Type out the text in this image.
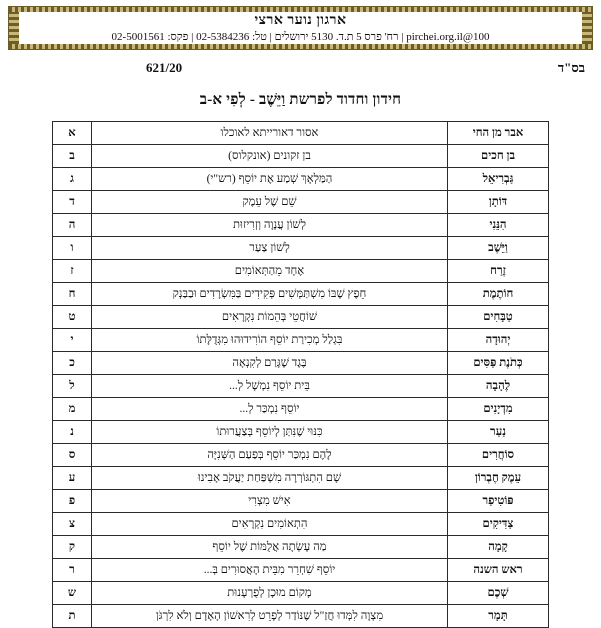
ארגון נוער ארצי
100@pirchei.org.il | רח' פרס 5 ת.ד. 5130 ירושלים | טל: 02-5384236 | פקס: 02-5001561
בס"ד
621/20
חידון וחדוד לפרשת וַיֵּשֶׁב - לְפִי א-ב
אבר מן החי	אסור דאורייתא לאוכלו	א
בן חכים	בן זקונים (אונקלוס)	ב
גַּבְרִיאֵל	הַמַּלְאָךְ שְׁמַע אֶת יוֹסֵף (רש"י)	ג
דּוֹתָן	שֵׁם שֶׁל עֵמֶק	ד
הִנֵּנִי	לְשׁוֹן עֲנָוָה וְזְרִיזוּת	ה
וַיֵּשֶׁב	לְשׁוֹן צַעַר	ו
זֶרַח	אֶחָד מֵהַתְּאוֹמִים	ז
חוֹתֶמֶת	חֵפֶץ שֶׁבּוֹ מִשְׁתַּמְּשִׁים פְּקִידִים בַּמִּשְׂרָדִים וּבַבַּנְק	ח
טַבָּחִים	שׁוֹחֲטֵי בְּהֵמוֹת נִקְרָאִים	ט
יְהוּדָה	בִּגְלַל מְכִירַת יוֹסֵף הוֹרִידוּהוּ מִגְּדֻלָּתוֹ	י
כְּתֹנֶת פַּסִּים	בֶּגֶד שֶׁגָּרַם לְקִנְאָה	כ
לֶהָבָה	בֵּית יוֹסֵף נִמְשָׁל לְ...	ל
מִדְיָנִים	יוֹסֵף נִמְכַּר לְ...	מ
נַעַר	כִּנּוּי שֶׁנִּתַּן לְיוֹסֵף בְּצַעֲרוּתוֹ	נ
סוֹחֲרִים	לָהֶם נִמְכַּר יוֹסֵף בְּפַעַם הַשְּׁנִיָּה	ס
עֵמֶק חֶבְרוֹן	שָׁם הִתְגּוֹרְרָה מִשְׁפַּחַת יַעֲקֹב אָבִינוּ	ע
פּוֹטִיפַר	אִישׁ מִצְרִי	פ
צַדִּיקִים	הִתְאוֹמִים נִקְרָאִים	צ
קָמָה	מַה עָשְׂתָה אֲלֻמּוֹת שֶׁל יוֹסֵף	ק
ראש השנה	יוֹסֵף שִׁחְרֵר מִבֵּית הָאֲסוּרִים בְּ...	ר
שְׁכֶם	מָקוֹם מוּכָן לְפֻרְעָנוּת	ש
תָּמָר	מִצְוָה לִמְּדוּ חֲזַ"ל שֶׁנּוֹדַר לְפָרֵט לְרִאשׁוֹן הָאָדָם וְלֹא לִרְגֹּן	ת
